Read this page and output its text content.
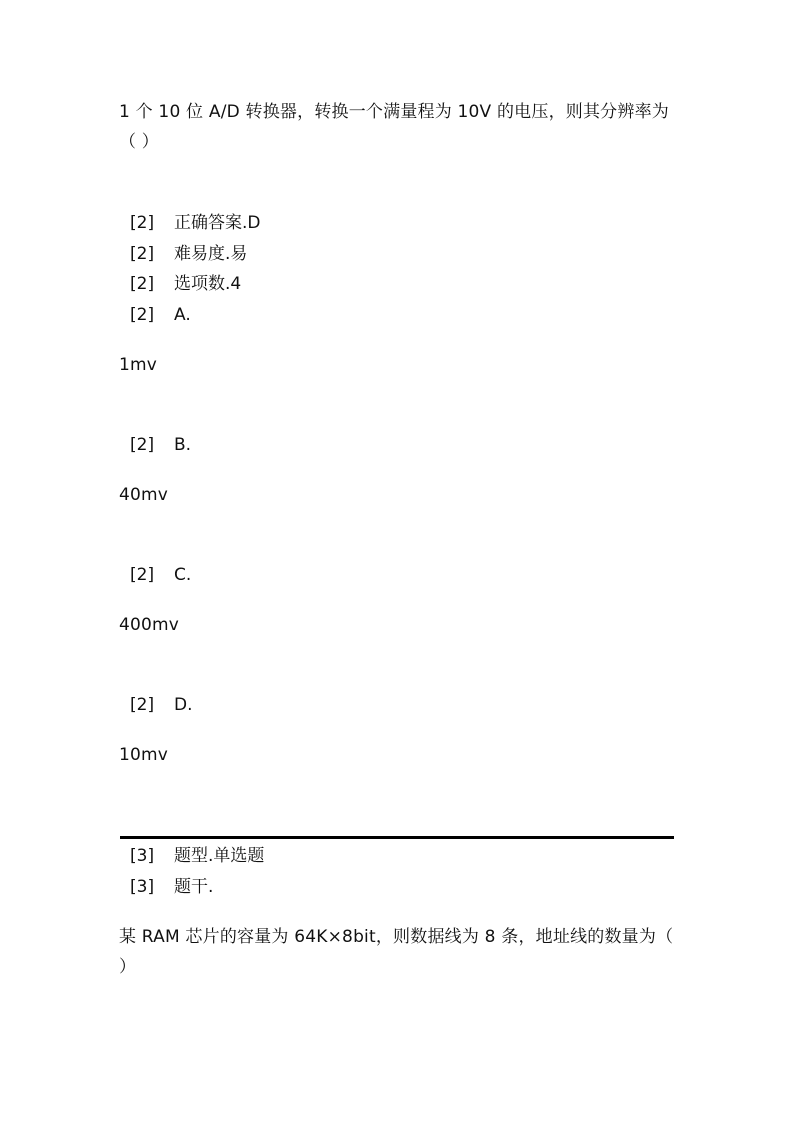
1 个 10 位 A/D 转换器，转换一个满量程为 10V 的电压，则其分辨率为（ ）

[2] 正确答案.D
[2] 难易度.易
[2] 选项数.4
[2] A.

1mv

[2] B.

40mv

[2] C.

400mv

[2] D.

10mv

[3] 题型.单选题
[3] 题干.

某 RAM 芯片的容量为 64K×8bit，则数据线为 8 条，地址线的数量为（ ）
